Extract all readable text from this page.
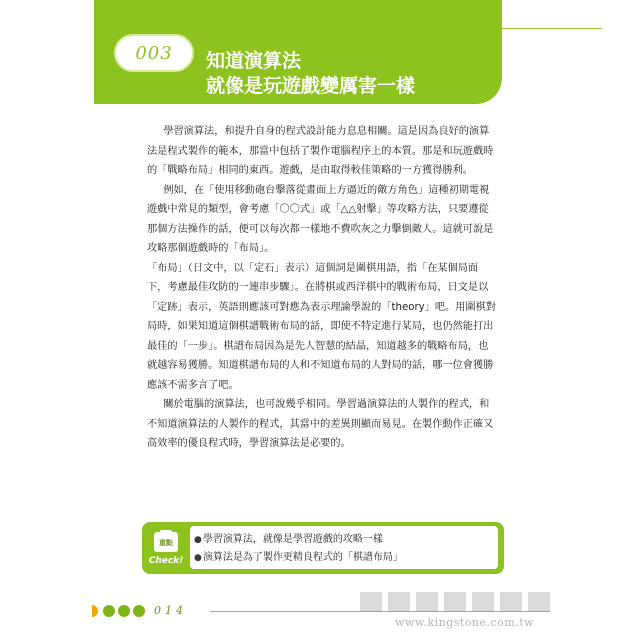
003 知道演算法
就像是玩遊戲變厲害一樣

學習演算法，和提升自身的程式設計能力息息相關。這是因為良好的演算法是程式製作的範本，那當中包括了製作電腦程序上的本質。那是和玩遊戲時的「戰略布局」相同的東西。遊戲，是由取得較佳策略的一方獲得勝利。

例如，在「使用移動砲台擊落從畫面上方逼近的敵方角色」這種初期電視遊戲中常見的類型，會考慮「〇〇式」或「△△射擊」等攻略方法，只要遵從那個方法操作的話，便可以每次都一樣地不費吹灰之力擊倒敵人。這就可說是攻略那個遊戲時的「布局」。

「布局」（日文中，以「定石」表示）這個詞是圍棋用語，指「在某個局面下，考慮最佳攻防的一連串步驟」。在將棋或西洋棋中的戰術布局，日文是以「定跡」表示，英語則應該可對應為表示理論學說的「theory」吧。用圍棋對局時，如果知道這個棋譜戰術布局的話，即使不特定進行某局，也仍然能打出最佳的「一步」。棋譜布局因為是先人智慧的結晶，知道越多的戰略布局，也就越容易獲勝。知道棋譜布局的人和不知道布局的人對局的話，哪一位會獲勝應該不需多言了吧。

關於電腦的演算法，也可說幾乎相同。學習過演算法的人製作的程式，和不知道演算法的人製作的程式，其當中的差異則顯而易見。在製作動作正確又高效率的優良程式時，學習演算法是必要的。

重點
Check!
●學習演算法，就像是學習遊戲的攻略一樣
●演算法是為了製作更精良程式的「棋譜布局」
014
www.kingstone.com.tw
